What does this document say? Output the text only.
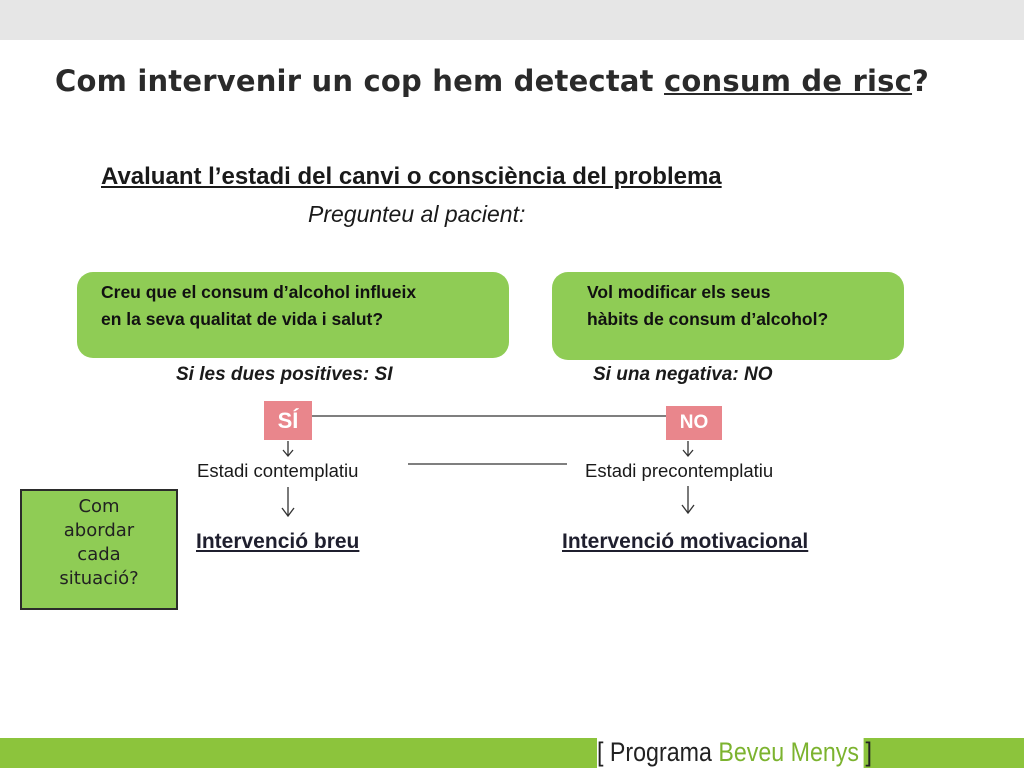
Com intervenir un cop hem detectat consum de risc?
Avaluant l’estadi del canvi o consciència del problema
Pregunteu al pacient:
Creu que el consum d’alcohol influeix
en la seva qualitat de vida i salut?
Vol modificar els seus
hàbits de consum d’alcohol?
Si les dues positives: SI	Si una negativa: NO
SÍ	NO
Estadi contemplatiu	Estadi precontemplatiu
Intervenció breu	Intervenció motivacional
Com
abordar
cada
situació?
[ Programa Beveu Menys ]
